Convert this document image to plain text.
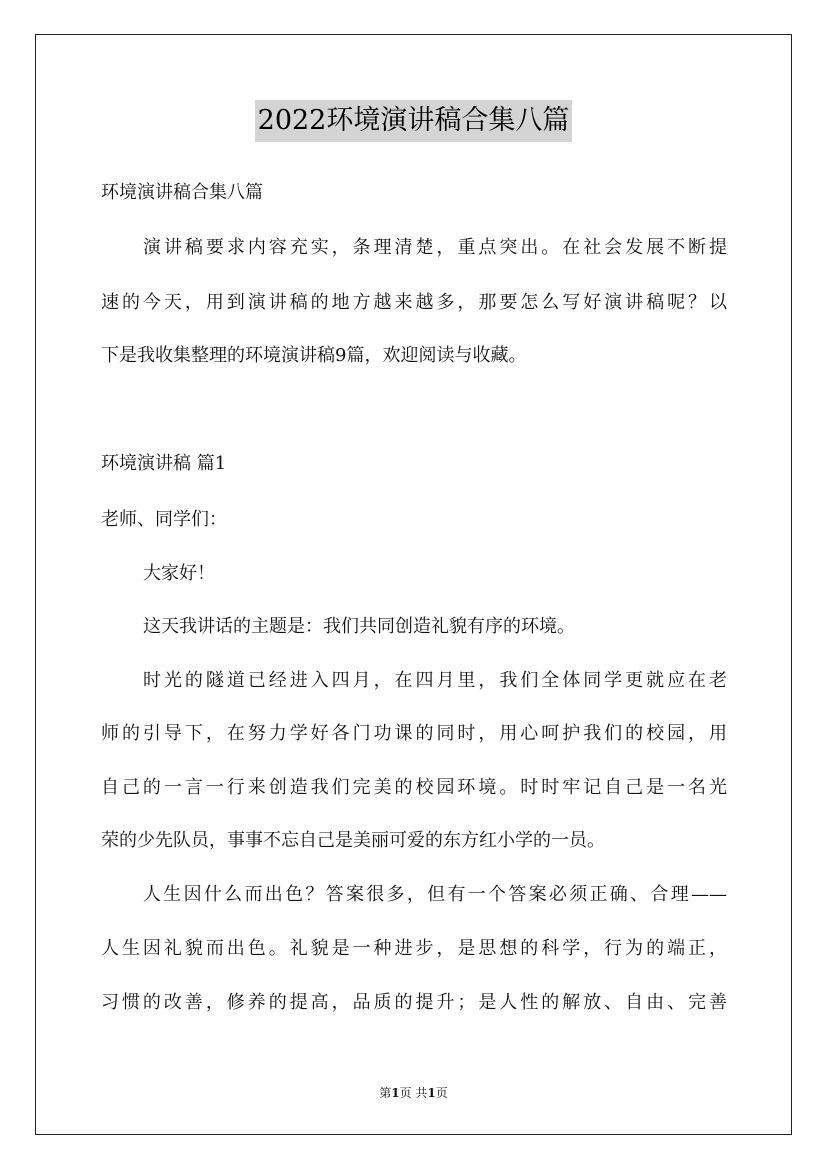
2022环境演讲稿合集八篇
环境演讲稿合集八篇
演讲稿要求内容充实，条理清楚，重点突出。在社会发展不断提
速的今天，用到演讲稿的地方越来越多，那要怎么写好演讲稿呢？以
下是我收集整理的环境演讲稿9篇，欢迎阅读与收藏。
环境演讲稿 篇1
老师、同学们：
大家好！
这天我讲话的主题是：我们共同创造礼貌有序的环境。
时光的隧道已经进入四月，在四月里，我们全体同学更就应在老
师的引导下，在努力学好各门功课的同时，用心呵护我们的校园，用
自己的一言一行来创造我们完美的校园环境。时时牢记自己是一名光
荣的少先队员，事事不忘自己是美丽可爱的东方红小学的一员。
人生因什么而出色？答案很多，但有一个答案必须正确、合理——
人生因礼貌而出色。礼貌是一种进步，是思想的科学，行为的端正，
习惯的改善，修养的提高，品质的提升；是人性的解放、自由、完善
第1页 共1页
